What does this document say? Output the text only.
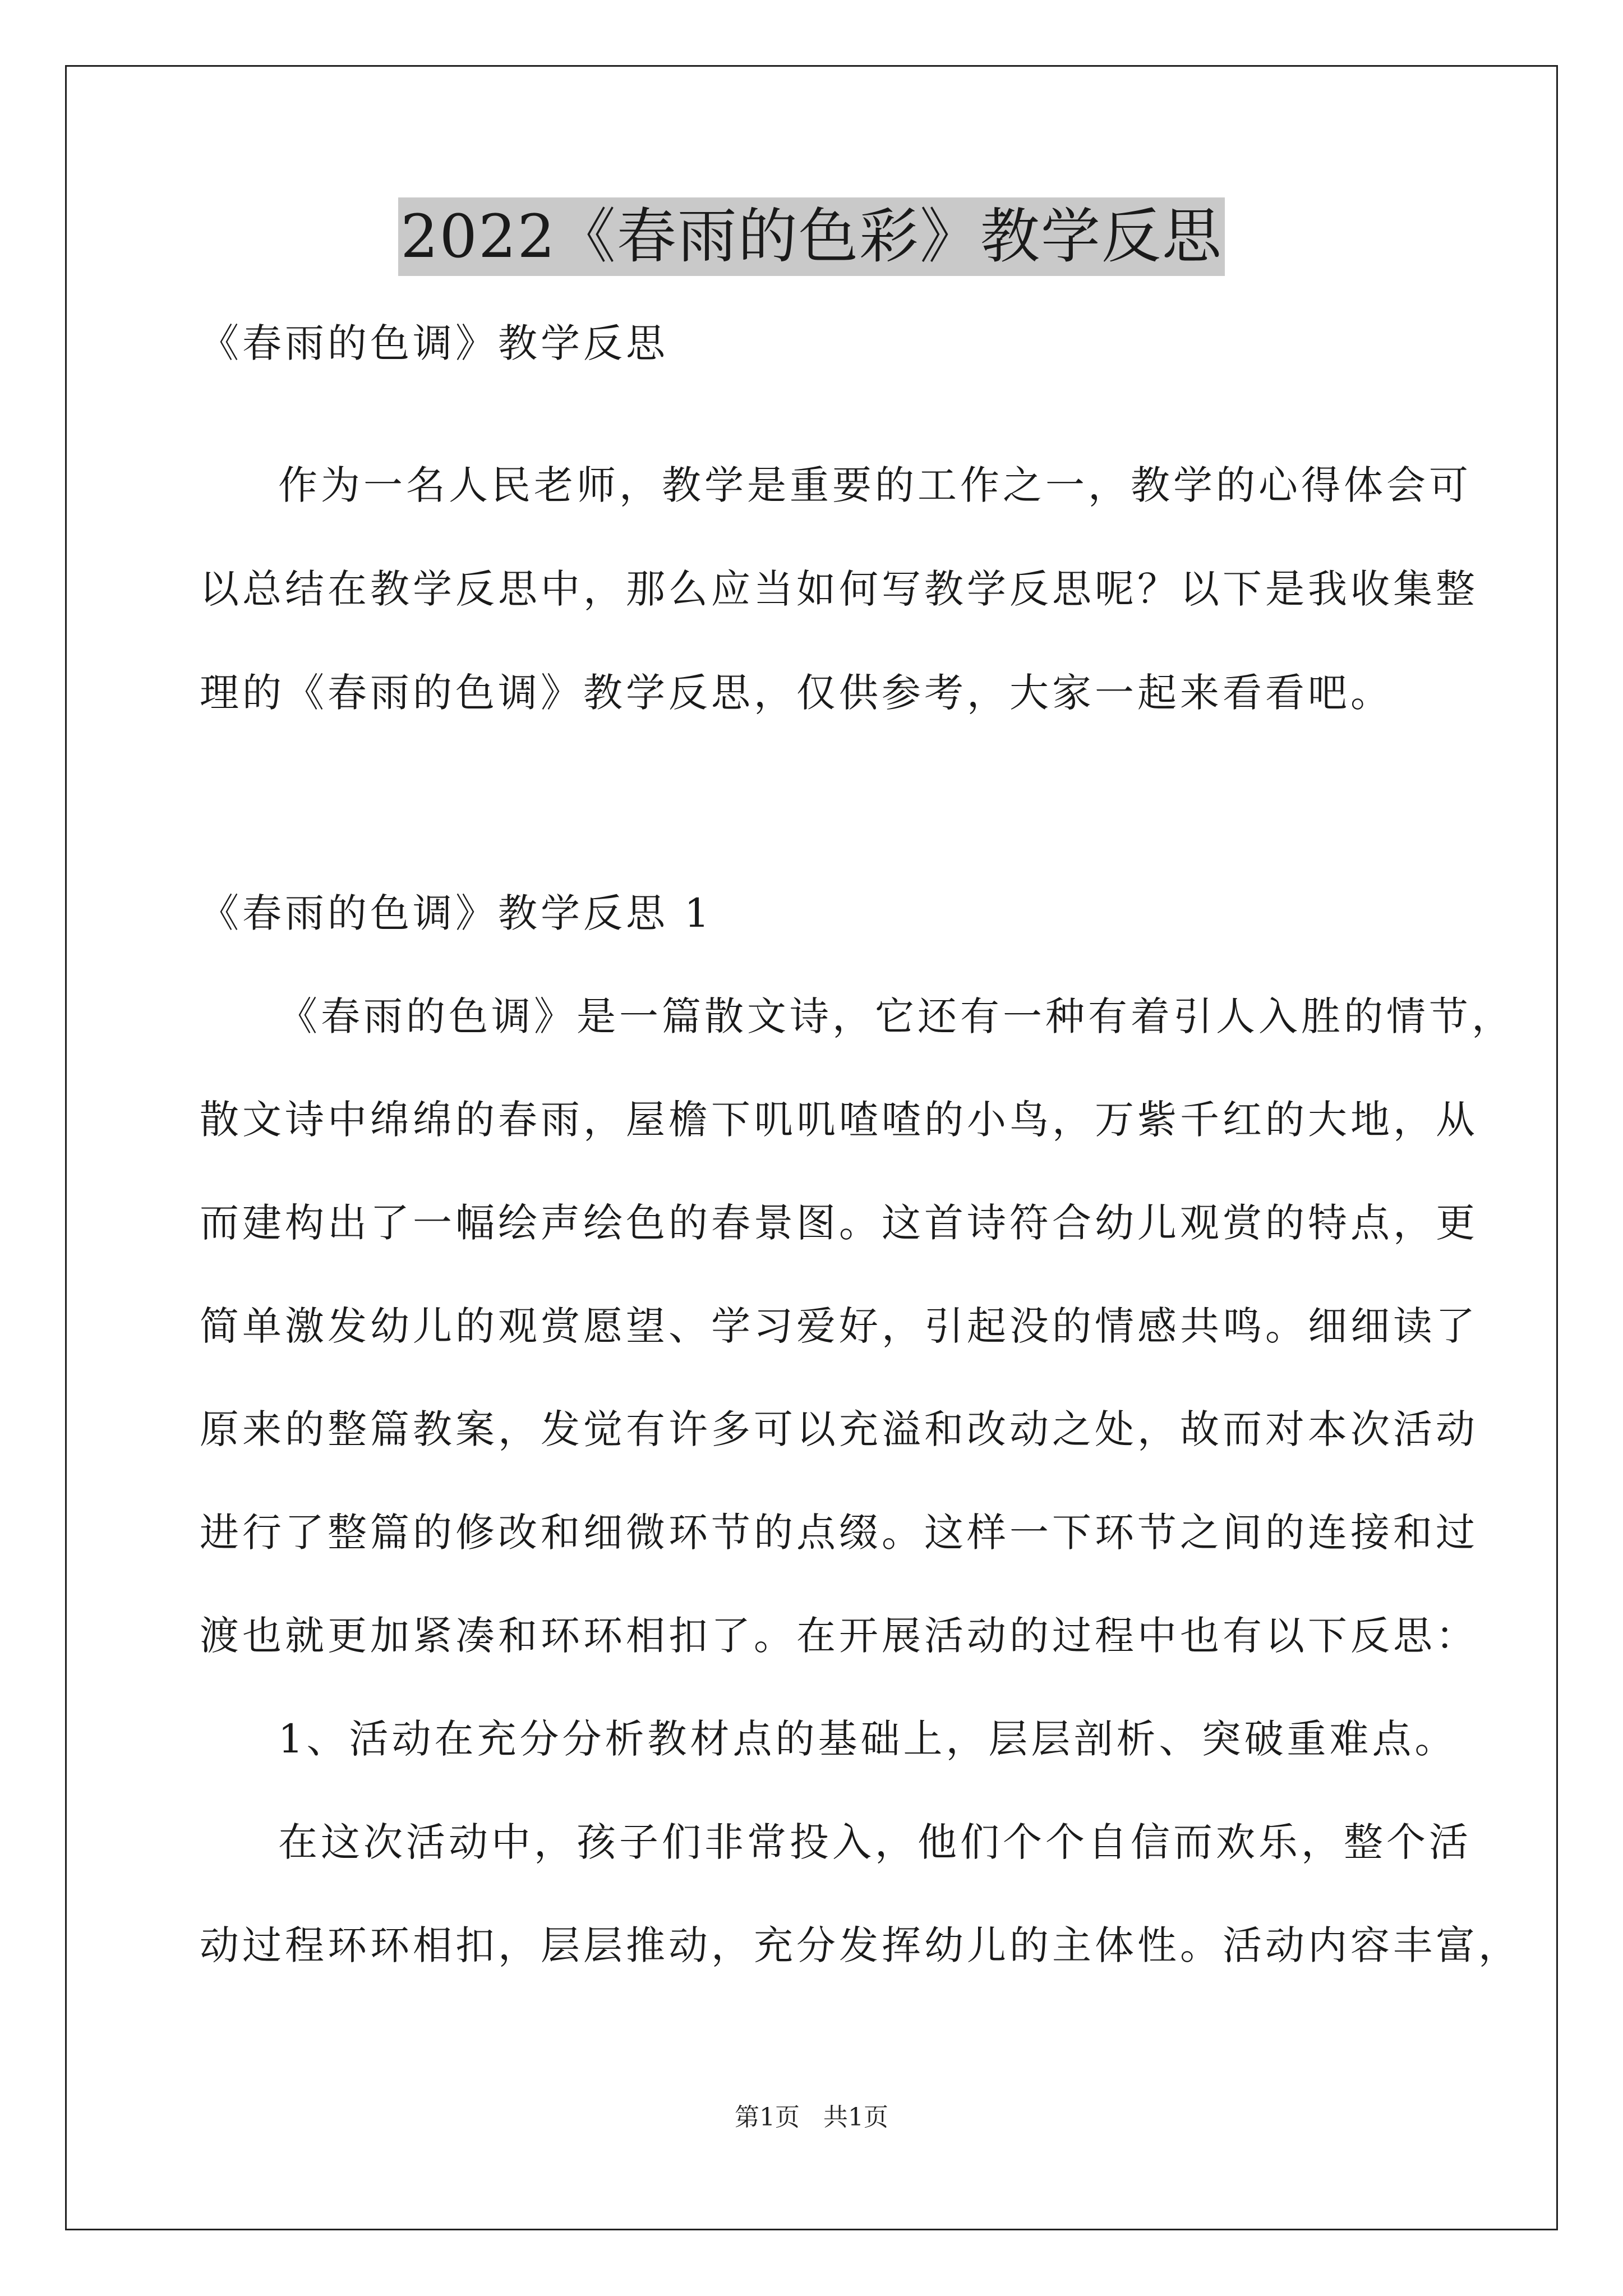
2022《春雨的色彩》教学反思
《春雨的色调》教学反思
作为一名人民老师，教学是重要的工作之一，教学的心得体会可
以总结在教学反思中，那么应当如何写教学反思呢？以下是我收集整
理的《春雨的色调》教学反思，仅供参考，大家一起来看看吧。
《春雨的色调》教学反思 1
《春雨的色调》是一篇散文诗，它还有一种有着引人入胜的情节，
散文诗中绵绵的春雨，屋檐下叽叽喳喳的小鸟，万紫千红的大地，从
而建构出了一幅绘声绘色的春景图。这首诗符合幼儿观赏的特点，更
简单激发幼儿的观赏愿望、学习爱好，引起没的情感共鸣。细细读了
原来的整篇教案，发觉有许多可以充溢和改动之处，故而对本次活动
进行了整篇的修改和细微环节的点缀。这样一下环节之间的连接和过
渡也就更加紧凑和环环相扣了。在开展活动的过程中也有以下反思：
1、活动在充分分析教材点的基础上，层层剖析、突破重难点。
在这次活动中，孩子们非常投入，他们个个自信而欢乐，整个活
动过程环环相扣，层层推动，充分发挥幼儿的主体性。活动内容丰富，
第1页 共1页
